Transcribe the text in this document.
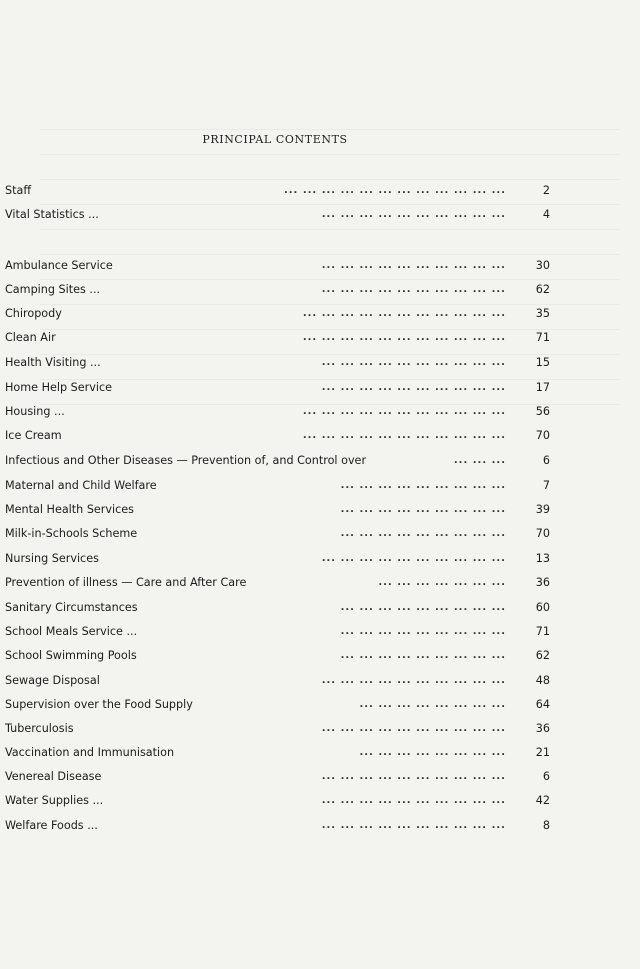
PRINCIPAL CONTENTS
Staff	... ... ... ... ... ... ... ... ... ... ... ...	2
Vital Statistics ...	... ... ... ... ... ... ... ... ... ...	4
Ambulance Service	... ... ... ... ... ... ... ... ... ...	30
Camping Sites ...	... ... ... ... ... ... ... ... ... ...	62
Chiropody	... ... ... ... ... ... ... ... ... ... ...	35
Clean Air	... ... ... ... ... ... ... ... ... ... ...	71
Health Visiting ...	... ... ... ... ... ... ... ... ... ...	15
Home Help Service	... ... ... ... ... ... ... ... ... ...	17
Housing ...	... ... ... ... ... ... ... ... ... ... ...	56
Ice Cream	... ... ... ... ... ... ... ... ... ... ...	70
Infectious and Other Diseases — Prevention of, and Control over	... ... ...	6
Maternal and Child Welfare	... ... ... ... ... ... ... ... ...	7
Mental Health Services	... ... ... ... ... ... ... ... ...	39
Milk-in-Schools Scheme	... ... ... ... ... ... ... ... ...	70
Nursing Services	... ... ... ... ... ... ... ... ... ...	13
Prevention of illness — Care and After Care	... ... ... ... ... ... ...	36
Sanitary Circumstances	... ... ... ... ... ... ... ... ...	60
School Meals Service ...	... ... ... ... ... ... ... ... ...	71
School Swimming Pools	... ... ... ... ... ... ... ... ...	62
Sewage Disposal	... ... ... ... ... ... ... ... ... ...	48
Supervision over the Food Supply	... ... ... ... ... ... ... ...	64
Tuberculosis	... ... ... ... ... ... ... ... ... ...	36
Vaccination and Immunisation	... ... ... ... ... ... ... ...	21
Venereal Disease	... ... ... ... ... ... ... ... ... ...	6
Water Supplies ...	... ... ... ... ... ... ... ... ... ...	42
Welfare Foods ...	... ... ... ... ... ... ... ... ... ...	8
